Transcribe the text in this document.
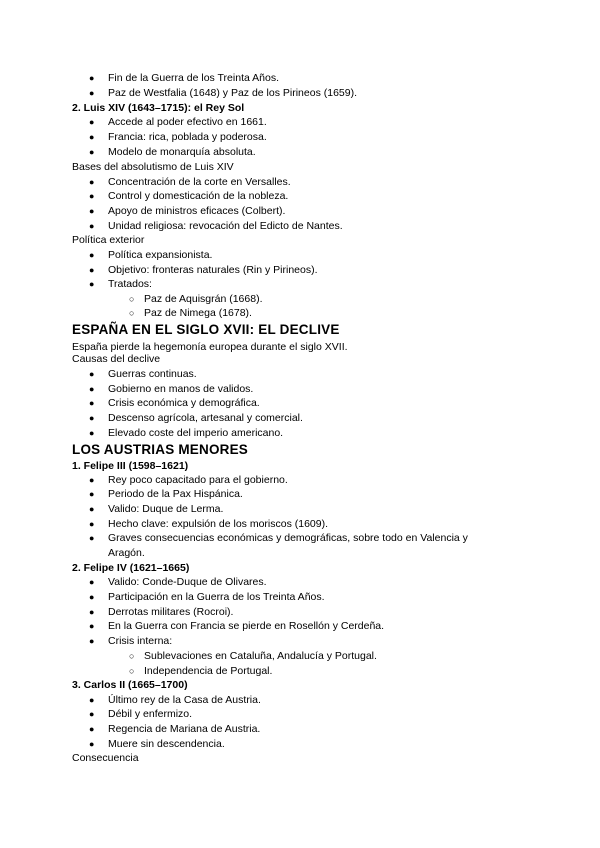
● Fin de la Guerra de los Treinta Años.
● Paz de Westfalia (1648) y Paz de los Pirineos (1659).
2. Luis XIV (1643–1715): el Rey Sol
● Accede al poder efectivo en 1661.
● Francia: rica, poblada y poderosa.
● Modelo de monarquía absoluta.
Bases del absolutismo de Luis XIV
● Concentración de la corte en Versalles.
● Control y domesticación de la nobleza.
● Apoyo de ministros eficaces (Colbert).
● Unidad religiosa: revocación del Edicto de Nantes.
Política exterior
● Política expansionista.
● Objetivo: fronteras naturales (Rin y Pirineos).
● Tratados:
○ Paz de Aquisgrán (1668).
○ Paz de Nimega (1678).
ESPAÑA EN EL SIGLO XVII: EL DECLIVE
España pierde la hegemonía europea durante el siglo XVII.
Causas del declive
● Guerras continuas.
● Gobierno en manos de validos.
● Crisis económica y demográfica.
● Descenso agrícola, artesanal y comercial.
● Elevado coste del imperio americano.
LOS AUSTRIAS MENORES
1. Felipe III (1598–1621)
● Rey poco capacitado para el gobierno.
● Periodo de la Pax Hispánica.
● Valido: Duque de Lerma.
● Hecho clave: expulsión de los moriscos (1609).
● Graves consecuencias económicas y demográficas, sobre todo en Valencia y
Aragón.
2. Felipe IV (1621–1665)
● Valido: Conde-Duque de Olivares.
● Participación en la Guerra de los Treinta Años.
● Derrotas militares (Rocroi).
● En la Guerra con Francia se pierde en Rosellón y Cerdeña.
● Crisis interna:
○ Sublevaciones en Cataluña, Andalucía y Portugal.
○ Independencia de Portugal.
3. Carlos II (1665–1700)
● Último rey de la Casa de Austria.
● Débil y enfermizo.
● Regencia de Mariana de Austria.
● Muere sin descendencia.
Consecuencia
